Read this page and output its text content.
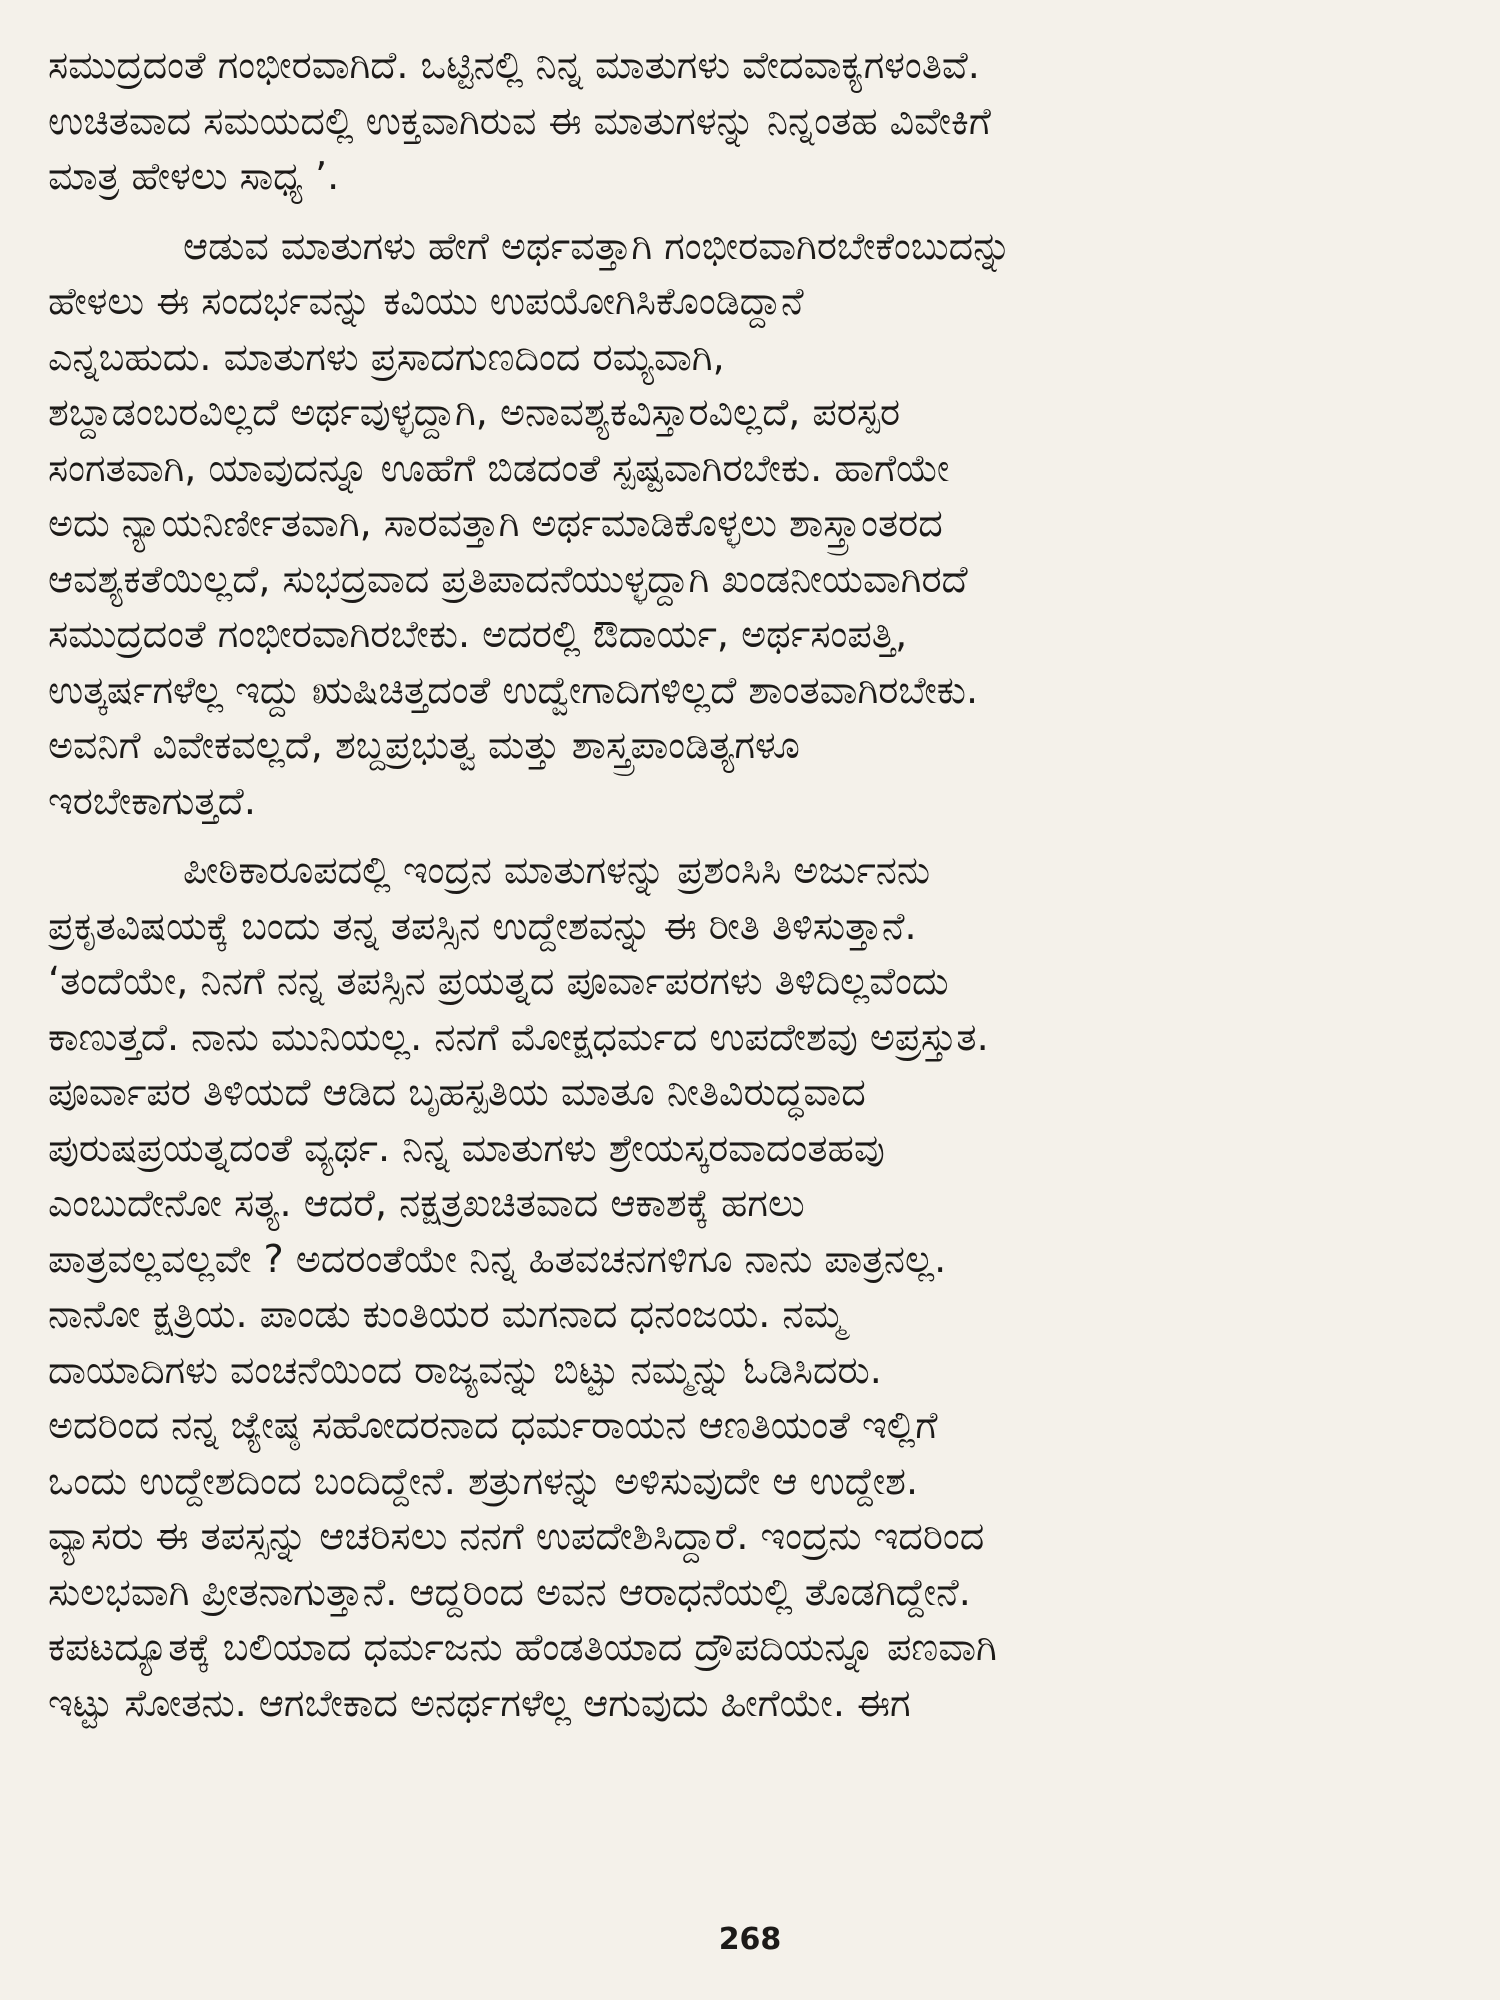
ಸಮುದ್ರದಂತೆ ಗಂಭೀರವಾಗಿದೆ. ಒಟ್ಟಿನಲ್ಲಿ ನಿನ್ನ ಮಾತುಗಳು ವೇದವಾಕ್ಯಗಳಂತಿವೆ.
ಉಚಿತವಾದ ಸಮಯದಲ್ಲಿ ಉಕ್ತವಾಗಿರುವ ಈ ಮಾತುಗಳನ್ನು ನಿನ್ನಂತಹ ವಿವೇಕಿಗೆ
ಮಾತ್ರ ಹೇಳಲು ಸಾಧ್ಯ ’.

ಆಡುವ ಮಾತುಗಳು ಹೇಗೆ ಅರ್ಥವತ್ತಾಗಿ ಗಂಭೀರವಾಗಿರಬೇಕೆಂಬುದನ್ನು
ಹೇಳಲು ಈ ಸಂದರ್ಭವನ್ನು ಕವಿಯು ಉಪಯೋಗಿಸಿಕೊಂಡಿದ್ದಾನೆ
ಎನ್ನಬಹುದು. ಮಾತುಗಳು ಪ್ರಸಾದಗುಣದಿಂದ ರಮ್ಯವಾಗಿ,
ಶಬ್ದಾಡಂಬರವಿಲ್ಲದೆ ಅರ್ಥವುಳ್ಳದ್ದಾಗಿ, ಅನಾವಶ್ಯಕವಿಸ್ತಾರವಿಲ್ಲದೆ, ಪರಸ್ಪರ
ಸಂಗತವಾಗಿ, ಯಾವುದನ್ನೂ ಊಹೆಗೆ ಬಿಡದಂತೆ ಸ್ಪಷ್ಟವಾಗಿರಬೇಕು. ಹಾಗೆಯೇ
ಅದು ನ್ಯಾಯನಿರ್ಣೀತವಾಗಿ, ಸಾರವತ್ತಾಗಿ ಅರ್ಥಮಾಡಿಕೊಳ್ಳಲು ಶಾಸ್ತ್ರಾಂತರದ
ಆವಶ್ಯಕತೆಯಿಲ್ಲದೆ, ಸುಭದ್ರವಾದ ಪ್ರತಿಪಾದನೆಯುಳ್ಳದ್ದಾಗಿ ಖಂಡನೀಯವಾಗಿರದೆ
ಸಮುದ್ರದಂತೆ ಗಂಭೀರವಾಗಿರಬೇಕು. ಅದರಲ್ಲಿ ಔದಾರ್ಯ, ಅರ್ಥಸಂಪತ್ತಿ,
ಉತ್ಕರ್ಷಗಳೆಲ್ಲ ಇದ್ದು ಋಷಿಚಿತ್ತದಂತೆ ಉದ್ವೇಗಾದಿಗಳಿಲ್ಲದೆ ಶಾಂತವಾಗಿರಬೇಕು.
ಅವನಿಗೆ ವಿವೇಕವಲ್ಲದೆ, ಶಬ್ದಪ್ರಭುತ್ವ ಮತ್ತು ಶಾಸ್ತ್ರಪಾಂಡಿತ್ಯಗಳೂ
ಇರಬೇಕಾಗುತ್ತದೆ.

ಪೀಠಿಕಾರೂಪದಲ್ಲಿ ಇಂದ್ರನ ಮಾತುಗಳನ್ನು ಪ್ರಶಂಸಿಸಿ ಅರ್ಜುನನು
ಪ್ರಕೃತವಿಷಯಕ್ಕೆ ಬಂದು ತನ್ನ ತಪಸ್ಸಿನ ಉದ್ದೇಶವನ್ನು ಈ ರೀತಿ ತಿಳಿಸುತ್ತಾನೆ.
‘ತಂದೆಯೇ, ನಿನಗೆ ನನ್ನ ತಪಸ್ಸಿನ ಪ್ರಯತ್ನದ ಪೂರ್ವಾಪರಗಳು ತಿಳಿದಿಲ್ಲವೆಂದು
ಕಾಣುತ್ತದೆ. ನಾನು ಮುನಿಯಲ್ಲ. ನನಗೆ ಮೋಕ್ಷಧರ್ಮದ ಉಪದೇಶವು ಅಪ್ರಸ್ತುತ.
ಪೂರ್ವಾಪರ ತಿಳಿಯದೆ ಆಡಿದ ಬೃಹಸ್ಪತಿಯ ಮಾತೂ ನೀತಿವಿರುದ್ಧವಾದ
ಪುರುಷಪ್ರಯತ್ನದಂತೆ ವ್ಯರ್ಥ. ನಿನ್ನ ಮಾತುಗಳು ಶ್ರೇಯಸ್ಕರವಾದಂತಹವು
ಎಂಬುದೇನೋ ಸತ್ಯ. ಆದರೆ, ನಕ್ಷತ್ರಖಚಿತವಾದ ಆಕಾಶಕ್ಕೆ ಹಗಲು
ಪಾತ್ರವಲ್ಲವಲ್ಲವೇ ? ಅದರಂತೆಯೇ ನಿನ್ನ ಹಿತವಚನಗಳಿಗೂ ನಾನು ಪಾತ್ರನಲ್ಲ.
ನಾನೋ ಕ್ಷತ್ರಿಯ. ಪಾಂಡು ಕುಂತಿಯರ ಮಗನಾದ ಧನಂಜಯ. ನಮ್ಮ
ದಾಯಾದಿಗಳು ವಂಚನೆಯಿಂದ ರಾಜ್ಯವನ್ನು ಬಿಟ್ಟು ನಮ್ಮನ್ನು ಓಡಿಸಿದರು.
ಅದರಿಂದ ನನ್ನ ಜ್ಯೇಷ್ಠ ಸಹೋದರನಾದ ಧರ್ಮರಾಯನ ಆಣತಿಯಂತೆ ಇಲ್ಲಿಗೆ
ಒಂದು ಉದ್ದೇಶದಿಂದ ಬಂದಿದ್ದೇನೆ. ಶತ್ರುಗಳನ್ನು ಅಳಿಸುವುದೇ ಆ ಉದ್ದೇಶ.
ವ್ಯಾಸರು ಈ ತಪಸ್ಸನ್ನು ಆಚರಿಸಲು ನನಗೆ ಉಪದೇಶಿಸಿದ್ದಾರೆ. ಇಂದ್ರನು ಇದರಿಂದ
ಸುಲಭವಾಗಿ ಪ್ರೀತನಾಗುತ್ತಾನೆ. ಆದ್ದರಿಂದ ಅವನ ಆರಾಧನೆಯಲ್ಲಿ ತೊಡಗಿದ್ದೇನೆ.
ಕಪಟದ್ಯೂತಕ್ಕೆ ಬಲಿಯಾದ ಧರ್ಮಜನು ಹೆಂಡತಿಯಾದ ದ್ರೌಪದಿಯನ್ನೂ ಪಣವಾಗಿ
ಇಟ್ಟು ಸೋತನು. ಆಗಬೇಕಾದ ಅನರ್ಥಗಳೆಲ್ಲ ಆಗುವುದು ಹೀಗೆಯೇ. ಈಗ

268
